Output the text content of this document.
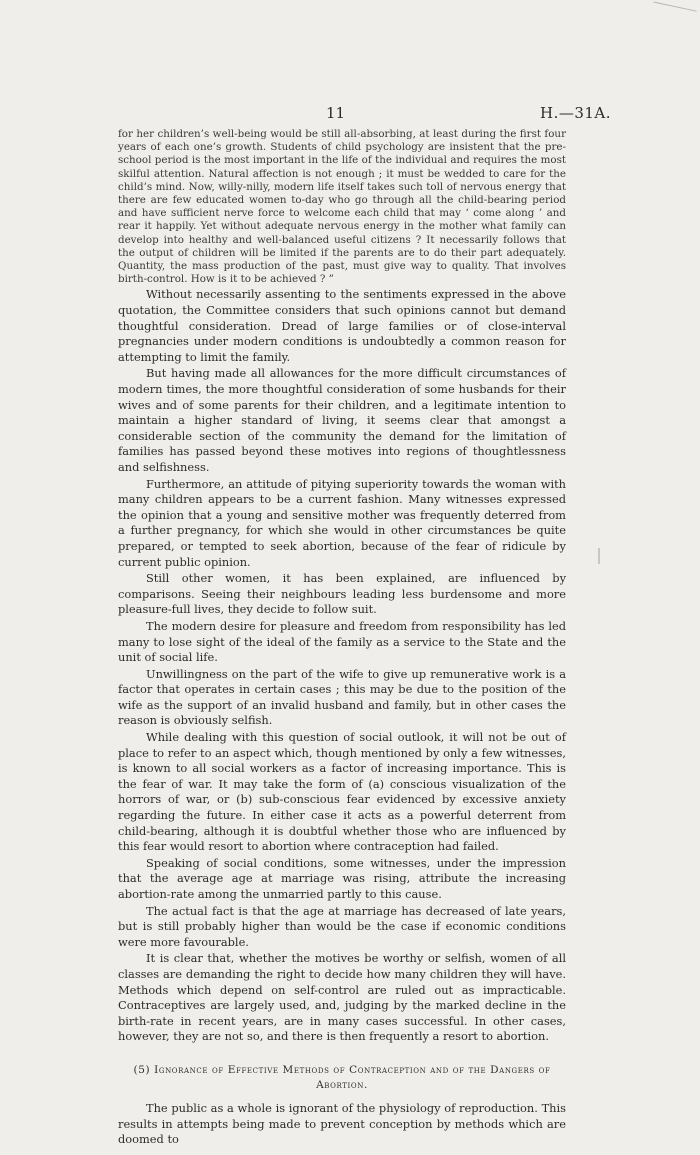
11	H.—31A.

for her children’s well-being would be still all-absorbing, at least during the first four years of each one’s growth. Students of child psychology are insistent that the pre-school period is the most important in the life of the individual and requires the most skilful attention. Natural affection is not enough ; it must be wedded to care for the child’s mind. Now, willy-nilly, modern life itself takes such toll of nervous energy that there are few educated women to-day who go through all the child-bearing period and have sufficient nerve force to welcome each child that may ‘ come along ’ and rear it happily. Yet without adequate nervous energy in the mother what family can develop into healthy and well-balanced useful citizens ? It necessarily follows that the output of children will be limited if the parents are to do their part adequately. Quantity, the mass production of the past, must give way to quality. That involves birth-control. How is it to be achieved ? ”

Without necessarily assenting to the sentiments expressed in the above quotation, the Committee considers that such opinions cannot but demand thoughtful consideration. Dread of large families or of close-interval pregnancies under modern conditions is undoubtedly a common reason for attempting to limit the family.

But having made all allowances for the more difficult circumstances of modern times, the more thoughtful consideration of some husbands for their wives and of some parents for their children, and a legitimate intention to maintain a higher standard of living, it seems clear that amongst a considerable section of the community the demand for the limitation of families has passed beyond these motives into regions of thoughtlessness and selfishness.

Furthermore, an attitude of pitying superiority towards the woman with many children appears to be a current fashion. Many witnesses expressed the opinion that a young and sensitive mother was frequently deterred from a further pregnancy, for which she would in other circumstances be quite prepared, or tempted to seek abortion, because of the fear of ridicule by current public opinion.

Still other women, it has been explained, are influenced by comparisons. Seeing their neighbours leading less burdensome and more pleasure-full lives, they decide to follow suit.

The modern desire for pleasure and freedom from responsibility has led many to lose sight of the ideal of the family as a service to the State and the unit of social life.

Unwillingness on the part of the wife to give up remunerative work is a factor that operates in certain cases ; this may be due to the position of the wife as the support of an invalid husband and family, but in other cases the reason is obviously selfish.

While dealing with this question of social outlook, it will not be out of place to refer to an aspect which, though mentioned by only a few witnesses, is known to all social workers as a factor of increasing importance. This is the fear of war. It may take the form of (a) conscious visualization of the horrors of war, or (b) sub-conscious fear evidenced by excessive anxiety regarding the future. In either case it acts as a powerful deterrent from child-bearing, although it is doubtful whether those who are influenced by this fear would resort to abortion where contraception had failed.

Speaking of social conditions, some witnesses, under the impression that the average age at marriage was rising, attribute the increasing abortion-rate among the unmarried partly to this cause.

The actual fact is that the age at marriage has decreased of late years, but is still probably higher than would be the case if economic conditions were more favourable.

It is clear that, whether the motives be worthy or selfish, women of all classes are demanding the right to decide how many children they will have. Methods which depend on self-control are ruled out as impracticable. Contraceptives are largely used, and, judging by the marked decline in the birth-rate in recent years, are in many cases successful. In other cases, however, they are not so, and there is then frequently a resort to abortion.

(5) Ignorance of Effective Methods of Contraception and of the Dangers of Abortion.

The public as a whole is ignorant of the physiology of reproduction. This results in attempts being made to prevent conception by methods which are doomed to
